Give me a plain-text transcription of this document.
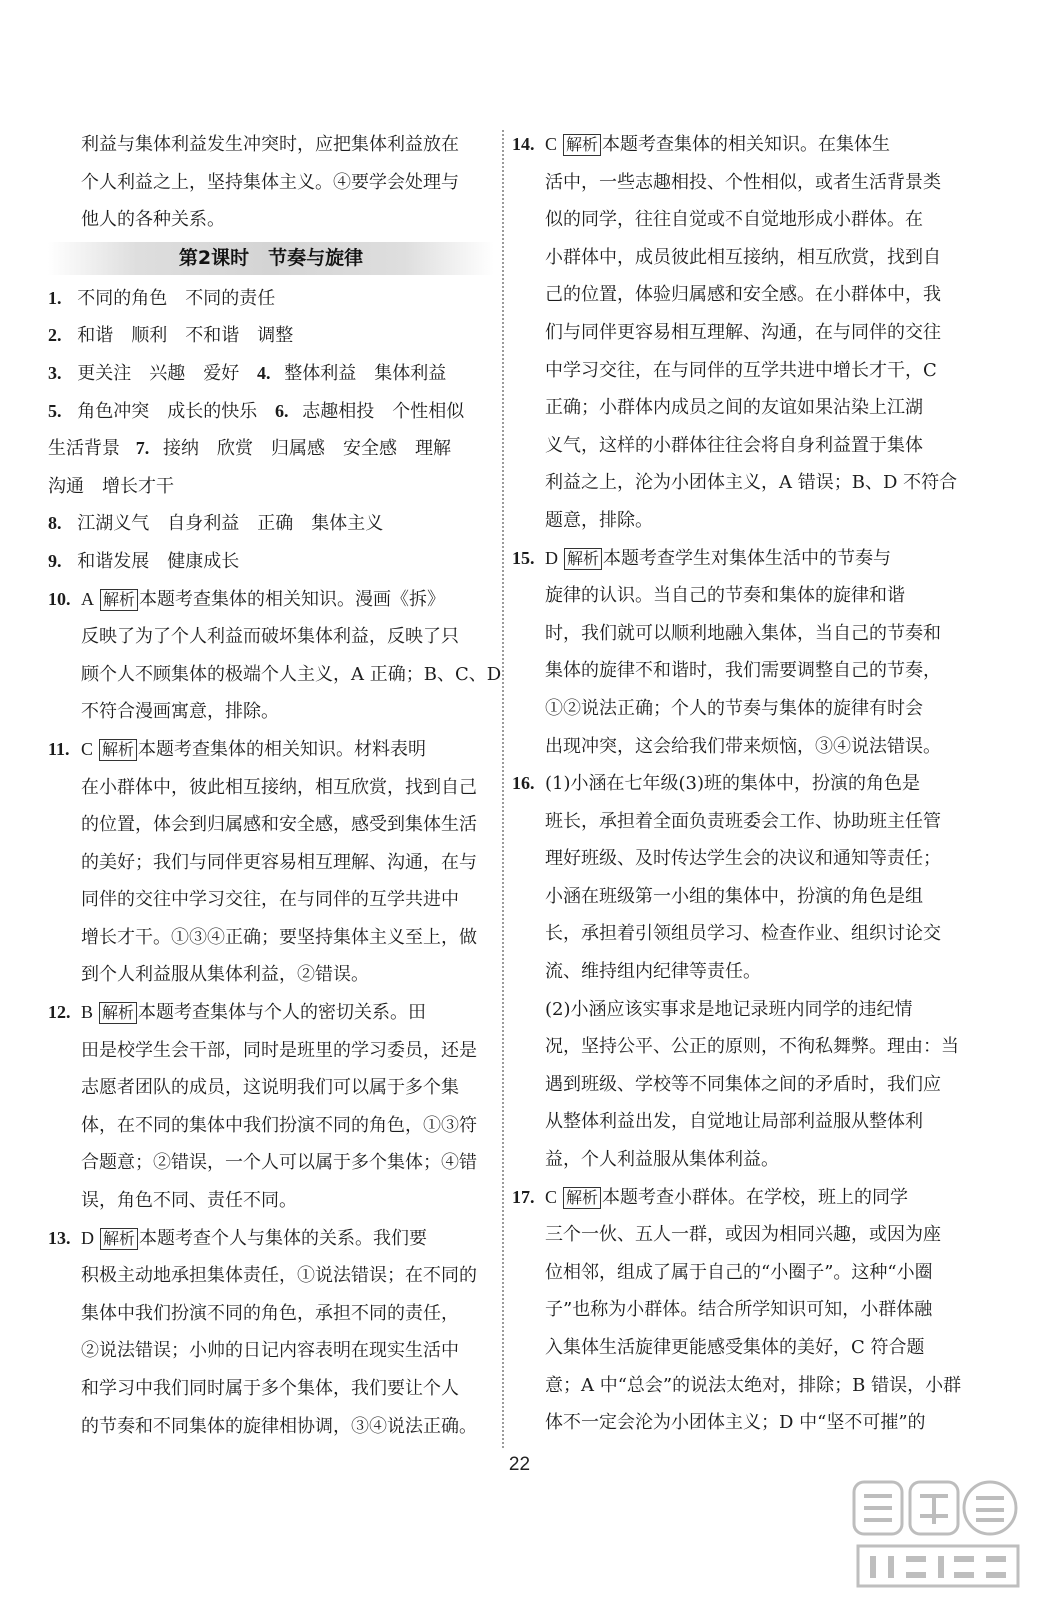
利益与集体利益发生冲突时，应把集体利益放在
个人利益之上，坚持集体主义。④要学会处理与
他人的各种关系。
第2课时　节奏与旋律
1. 不同的角色　不同的责任
2. 和谐　顺利　不和谐　调整
3. 更关注　兴趣　爱好 4. 整体利益　集体利益
5. 角色冲突　成长的快乐 6. 志趣相投　个性相似
生活背景 7. 接纳　欣赏　归属感　安全感　理解
沟通　增长才干
8. 江湖义气　自身利益　正确　集体主义
9. 和谐发展　健康成长
10. A 解析 本题考查集体的相关知识。漫画《拆》
反映了为了个人利益而破坏集体利益，反映了只
顾个人不顾集体的极端个人主义，A 正确；B、C、D
不符合漫画寓意，排除。
11. C 解析 本题考查集体的相关知识。材料表明
在小群体中，彼此相互接纳，相互欣赏，找到自己
的位置，体会到归属感和安全感，感受到集体生活
的美好；我们与同伴更容易相互理解、沟通，在与
同伴的交往中学习交往，在与同伴的互学共进中
增长才干。①③④正确；要坚持集体主义至上，做
到个人利益服从集体利益，②错误。
12. B 解析 本题考查集体与个人的密切关系。田
田是校学生会干部，同时是班里的学习委员，还是
志愿者团队的成员，这说明我们可以属于多个集
体，在不同的集体中我们扮演不同的角色，①③符
合题意；②错误，一个人可以属于多个集体；④错
误，角色不同、责任不同。
13. D 解析 本题考查个人与集体的关系。我们要
积极主动地承担集体责任，①说法错误；在不同的
集体中我们扮演不同的角色，承担不同的责任，
②说法错误；小帅的日记内容表明在现实生活中
和学习中我们同时属于多个集体，我们要让个人
的节奏和不同集体的旋律相协调，③④说法正确。
14. C 解析 本题考查集体的相关知识。在集体生
活中，一些志趣相投、个性相似，或者生活背景类
似的同学，往往自觉或不自觉地形成小群体。在
小群体中，成员彼此相互接纳，相互欣赏，找到自
己的位置，体验归属感和安全感。在小群体中，我
们与同伴更容易相互理解、沟通，在与同伴的交往
中学习交往，在与同伴的互学共进中增长才干，C
正确；小群体内成员之间的友谊如果沾染上江湖
义气，这样的小群体往往会将自身利益置于集体
利益之上，沦为小团体主义，A 错误；B、D 不符合
题意，排除。
15. D 解析 本题考查学生对集体生活中的节奏与
旋律的认识。当自己的节奏和集体的旋律和谐
时，我们就可以顺利地融入集体，当自己的节奏和
集体的旋律不和谐时，我们需要调整自己的节奏，
①②说法正确；个人的节奏与集体的旋律有时会
出现冲突，这会给我们带来烦恼，③④说法错误。
16. (1)小涵在七年级(3)班的集体中，扮演的角色是
班长，承担着全面负责班委会工作、协助班主任管
理好班级、及时传达学生会的决议和通知等责任；
小涵在班级第一小组的集体中，扮演的角色是组
长，承担着引领组员学习、检查作业、组织讨论交
流、维持组内纪律等责任。
(2)小涵应该实事求是地记录班内同学的违纪情
况，坚持公平、公正的原则，不徇私舞弊。理由：当
遇到班级、学校等不同集体之间的矛盾时，我们应
从整体利益出发，自觉地让局部利益服从整体利
益，个人利益服从集体利益。
17. C 解析 本题考查小群体。在学校，班上的同学
三个一伙、五人一群，或因为相同兴趣，或因为座
位相邻，组成了属于自己的“小圈子”。这种“小圈
子”也称为小群体。结合所学知识可知，小群体融
入集体生活旋律更能感受集体的美好，C 符合题
意；A 中“总会”的说法太绝对，排除；B 错误，小群
体不一定会沦为小团体主义；D 中“坚不可摧”的
22
